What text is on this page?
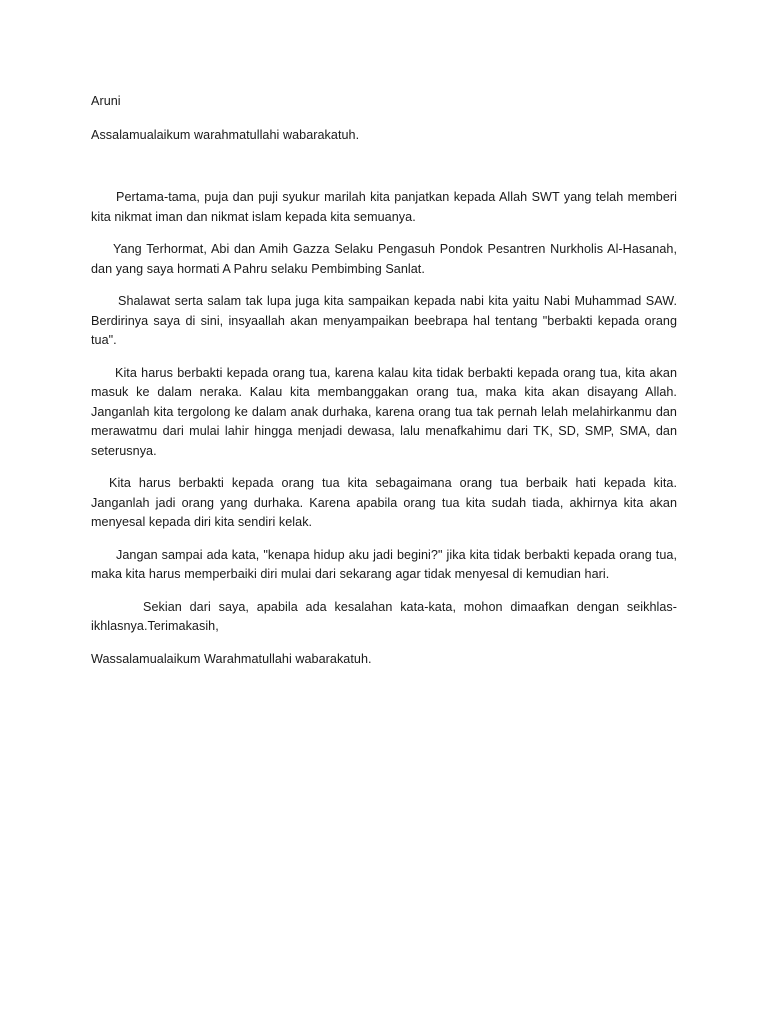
Aruni

Assalamualaikum warahmatullahi wabarakatuh.

Pertama-tama, puja dan puji syukur marilah kita panjatkan kepada Allah SWT yang telah memberi kita nikmat iman dan nikmat islam kepada kita semuanya.

Yang Terhormat, Abi dan Amih Gazza Selaku Pengasuh Pondok Pesantren Nurkholis Al-Hasanah, dan yang saya hormati A Pahru selaku Pembimbing Sanlat.

Shalawat serta salam tak lupa juga kita sampaikan kepada nabi kita yaitu Nabi Muhammad SAW. Berdirinya saya di sini, insyaallah akan menyampaikan beebrapa hal tentang "berbakti kepada orang tua".

Kita harus berbakti kepada orang tua, karena kalau kita tidak berbakti kepada orang tua, kita akan masuk ke dalam neraka. Kalau kita membanggakan orang tua, maka kita akan disayang Allah. Janganlah kita tergolong ke dalam anak durhaka, karena orang tua tak pernah lelah melahirkanmu dan merawatmu dari mulai lahir hingga menjadi dewasa, lalu menafkahimu dari TK, SD, SMP, SMA, dan seterusnya.

Kita harus berbakti kepada orang tua kita sebagaimana orang tua berbaik hati kepada kita. Janganlah jadi orang yang durhaka. Karena apabila orang tua kita sudah tiada, akhirnya kita akan menyesal kepada diri kita sendiri kelak.

Jangan sampai ada kata, "kenapa hidup aku jadi begini?" jika kita tidak berbakti kepada orang tua, maka kita harus memperbaiki diri mulai dari sekarang agar tidak menyesal di kemudian hari.

Sekian dari saya, apabila ada kesalahan kata-kata, mohon dimaafkan dengan seikhlas-ikhlasnya.Terimakasih,

Wassalamualaikum Warahmatullahi wabarakatuh.
